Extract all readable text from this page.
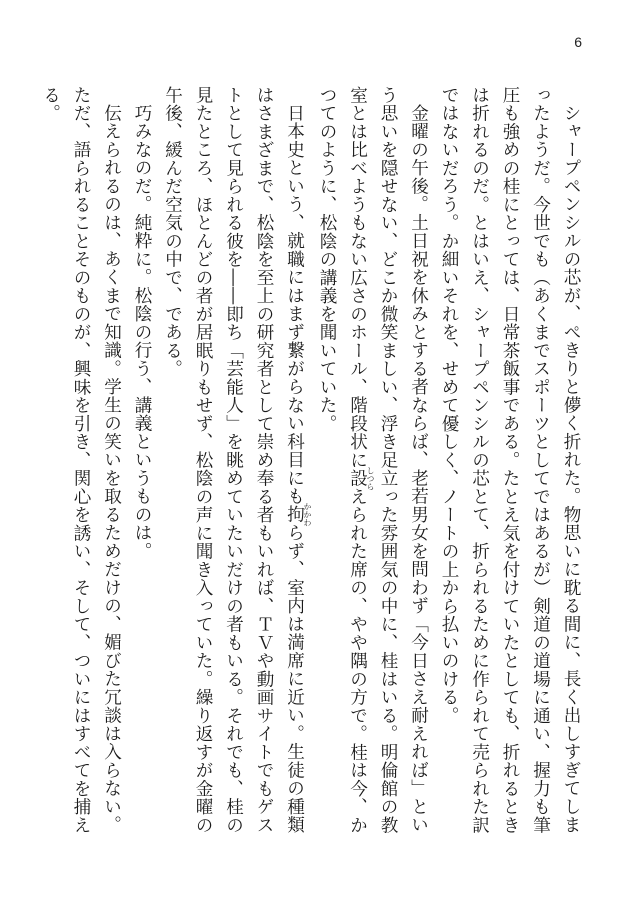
6

シャープペンシルの芯が、ぺきりと儚く折れた。物思いに耽る間に、長く出しすぎてしまったようだ。今世でも（あくまでスポーツとしてではあるが）剣道の道場に通い、握力も筆圧も強めの桂にとっては、日常茶飯事である。たとえ気を付けていたとしても、折れるときは折れるのだ。とはいえ、シャープペンシルの芯とて、折られるために作られて売られた訳ではないだろう。か細いそれを、せめて優しく、ノートの上から払いのける。

金曜の午後。土日祝を休みとする者ならば、老若男女を問わず「今日さえ耐えれば」という思いを隠せない、どこか微笑ましい、浮き足立った雰囲気の中に、桂はいる。明倫館の教室とは比べようもない広さのホール、階段状に設しつらえられた席の、やや隅の方で。桂は今、かつてのように、松陰の講義を聞いていた。

日本史という、就職にはまず繋がらない科目にも拘かかわらず、室内は満席に近い。生徒の種類はさまざまで、松陰を至上の研究者として崇め奉る者もいれば、ＴＶや動画サイトでもゲストとして見られる彼を――即ち「芸能人」を眺めていたいだけの者もいる。それでも、桂の見たところ、ほとんどの者が居眠りもせず、松陰の声に聞き入っていた。繰り返すが金曜の午後、緩んだ空気の中で、である。

巧みなのだ。純粋に。松陰の行う、講義というものは。

伝えられるのは、あくまで知識。学生の笑いを取るためだけの、媚びた冗談は入らない。ただ、語られることそのものが、興味を引き、関心を誘い、そして、ついにはすべてを捕える。
